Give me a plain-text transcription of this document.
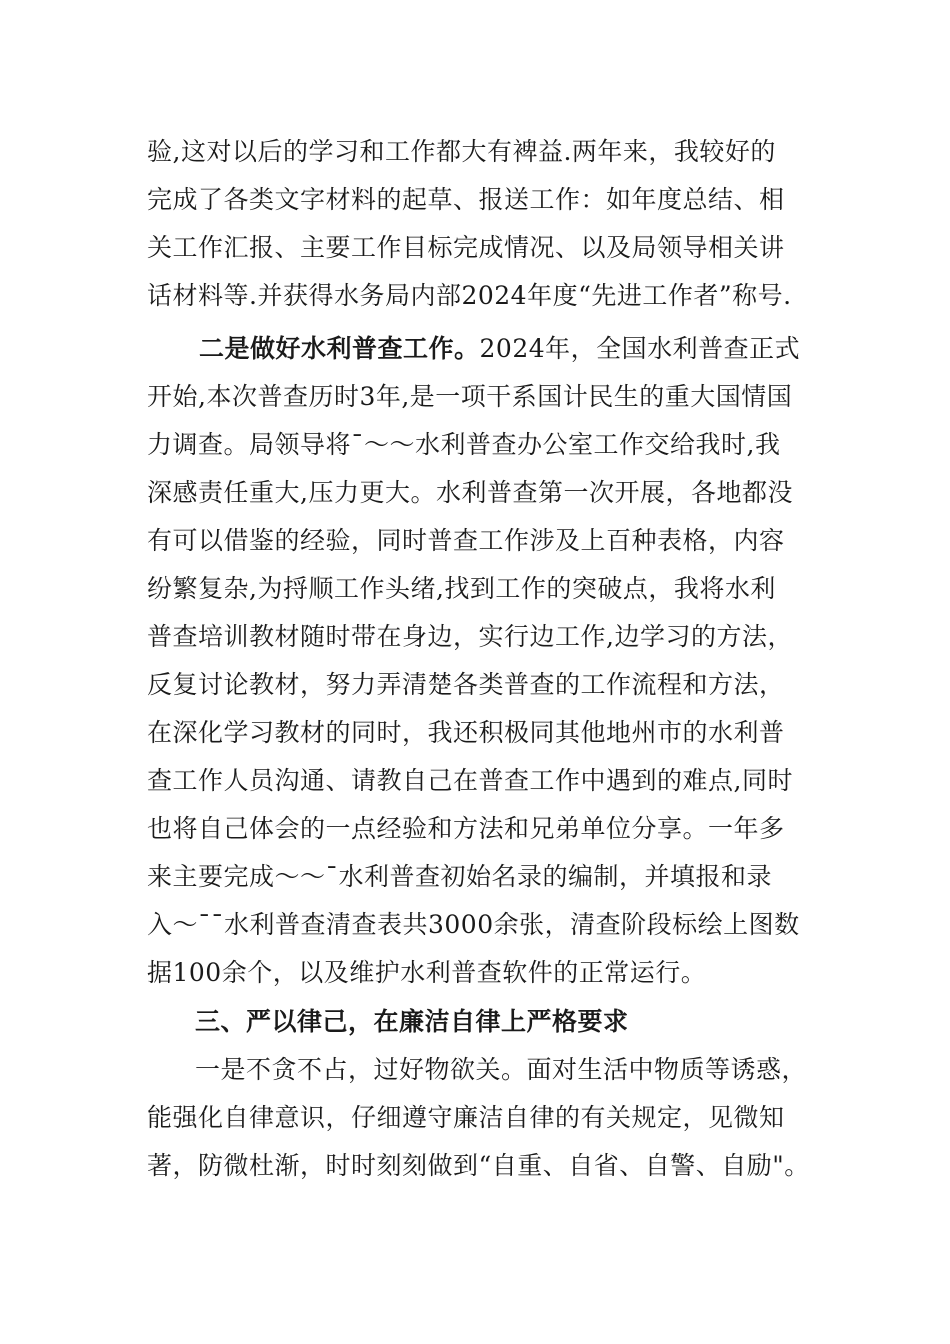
验,这对以后的学习和工作都大有裨益.两年来，我较好的
完成了各类文字材料的起草、报送工作：如年度总结、相
关工作汇报、主要工作目标完成情况、以及局领导相关讲
话材料等.并获得水务局内部2024年度“先进工作者”称号.
二是做好水利普查工作。2024年，全国水利普查正式
开始,本次普查历时3年,是一项干系国计民生的重大国情国
力调查。局领导将¯～～水利普查办公室工作交给我时,我
深感责任重大,压力更大。水利普查第一次开展，各地都没
有可以借鉴的经验，同时普查工作涉及上百种表格，内容
纷繁复杂,为捋顺工作头绪,找到工作的突破点，我将水利
普查培训教材随时带在身边，实行边工作,边学习的方法，
反复讨论教材，努力弄清楚各类普查的工作流程和方法，
在深化学习教材的同时，我还积极同其他地州市的水利普
查工作人员沟通、请教自己在普查工作中遇到的难点,同时
也将自己体会的一点经验和方法和兄弟单位分享。一年多
来主要完成～～¯水利普查初始名录的编制，并填报和录
入～¯¯水利普查清查表共3000余张，清查阶段标绘上图数
据100余个，以及维护水利普查软件的正常运行。
三、严以律己，在廉洁自律上严格要求
一是不贪不占，过好物欲关。面对生活中物质等诱惑，
能强化自律意识，仔细遵守廉洁自律的有关规定，见微知
著，防微杜渐，时时刻刻做到“自重、自省、自警、自励"。
